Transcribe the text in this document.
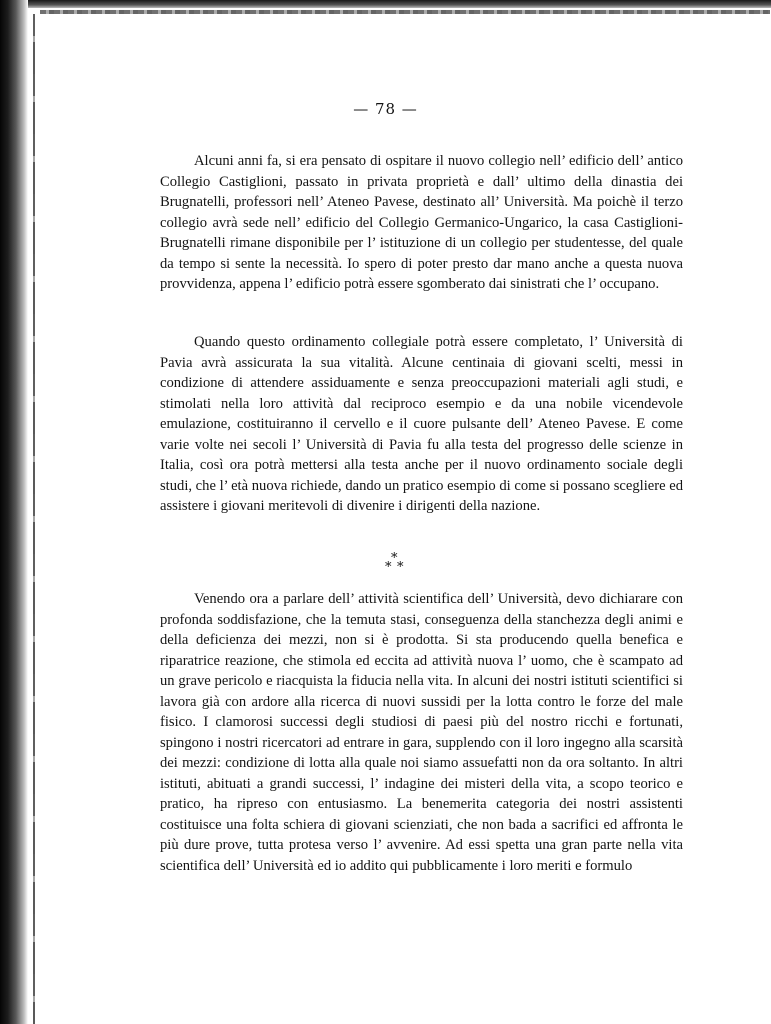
— 78 —

Alcuni anni fa, si era pensato di ospitare il nuovo collegio nell’ edificio dell’ antico Collegio Castiglioni, passato in privata proprietà e dall’ ultimo della dinastia dei Brugnatelli, professori nell’ Ateneo Pavese, destinato all’ Università. Ma poichè il terzo collegio avrà sede nell’ edificio del Collegio Germanico-Ungarico, la casa Castiglioni-Brugnatelli rimane disponibile per l’ istituzione di un collegio per studentesse, del quale da tempo si sente la necessità. Io spero di poter presto dar mano anche a questa nuova provvidenza, appena l’ edificio potrà essere sgomberato dai sinistrati che l’ occupano.

Quando questo ordinamento collegiale potrà essere completato, l’ Università di Pavia avrà assicurata la sua vitalità. Alcune centinaia di giovani scelti, messi in condizione di attendere assiduamente e senza preoccupazioni materiali agli studi, e stimolati nella loro attività dal reciproco esempio e da una nobile vicendevole emulazione, costituiranno il cervello e il cuore pulsante dell’ Ateneo Pavese. E come varie volte nei secoli l’ Università di Pavia fu alla testa del progresso delle scienze in Italia, così ora potrà mettersi alla testa anche per il nuovo ordinamento sociale degli studi, che l’ età nuova richiede, dando un pratico esempio di come si possano scegliere ed assistere i giovani meritevoli di divenire i dirigenti della nazione.

*
* *

Venendo ora a parlare dell’ attività scientifica dell’ Università, devo dichiarare con profonda soddisfazione, che la temuta stasi, conseguenza della stanchezza degli animi e della deficienza dei mezzi, non si è prodotta. Si sta producendo quella benefica e riparatrice reazione, che stimola ed eccita ad attività nuova l’ uomo, che è scampato ad un grave pericolo e riacquista la fiducia nella vita. In alcuni dei nostri istituti scientifici si lavora già con ardore alla ricerca di nuovi sussidi per la lotta contro le forze del male fisico. I clamorosi successi degli studiosi di paesi più del nostro ricchi e fortunati, spingono i nostri ricercatori ad entrare in gara, supplendo con il loro ingegno alla scarsità dei mezzi: condizione di lotta alla quale noi siamo assuefatti non da ora soltanto. In altri istituti, abituati a grandi successi, l’ indagine dei misteri della vita, a scopo teorico e pratico, ha ripreso con entusiasmo. La benemerita categoria dei nostri assistenti costituisce una folta schiera di giovani scienziati, che non bada a sacrifici ed affronta le più dure prove, tutta protesa verso l’ avvenire. Ad essi spetta una gran parte nella vita scientifica dell’ Università ed io addito qui pubblicamente i loro meriti e formulo
